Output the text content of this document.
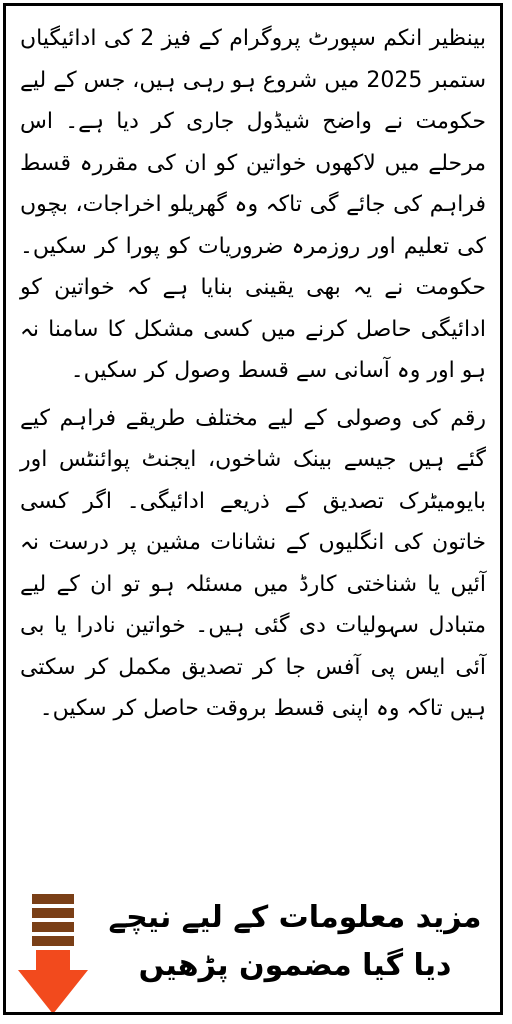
بینظیر انکم سپورٹ پروگرام کے فیز 2 کی ادائیگیاں ستمبر 2025 میں شروع ہو رہی ہیں، جس کے لیے حکومت نے واضح شیڈول جاری کر دیا ہے۔ اس مرحلے میں لاکھوں خواتین کو ان کی مقررہ قسط فراہم کی جائے گی تاکہ وہ گھریلو اخراجات، بچوں کی تعلیم اور روزمرہ ضروریات کو پورا کر سکیں۔ حکومت نے یہ بھی یقینی بنایا ہے کہ خواتین کو ادائیگی حاصل کرنے میں کسی مشکل کا سامنا نہ ہو اور وہ آسانی سے قسط وصول کر سکیں۔

رقم کی وصولی کے لیے مختلف طریقے فراہم کیے گئے ہیں جیسے بینک شاخوں، ایجنٹ پوائنٹس اور بایومیٹرک تصدیق کے ذریعے ادائیگی۔ اگر کسی خاتون کی انگلیوں کے نشانات مشین پر درست نہ آئیں یا شناختی کارڈ میں مسئلہ ہو تو ان کے لیے متبادل سہولیات دی گئی ہیں۔ خواتین نادرا یا بی آئی ایس پی آفس جا کر تصدیق مکمل کر سکتی ہیں تاکہ وہ اپنی قسط بروقت حاصل کر سکیں۔

مزید معلومات کے لیے نیچے
دیا گیا مضمون پڑھیں
